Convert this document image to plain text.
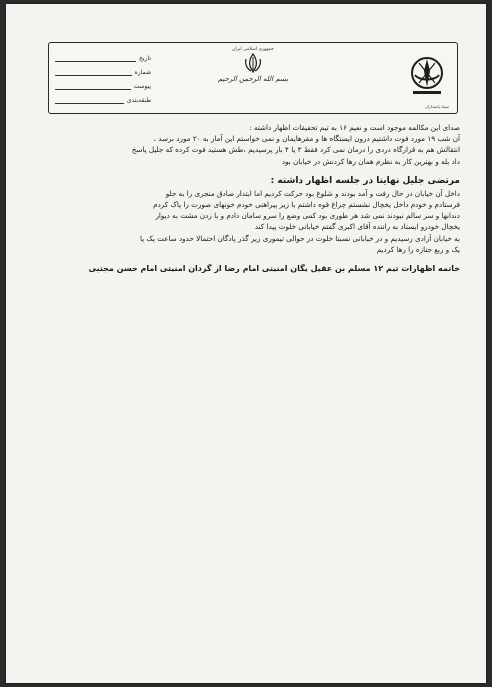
تاریخ
شماره
پیوست
طبقه‌بندی
جمهوری اسلامی ایران
بسم الله الرحمن الرحیم
سپاه پاسداران

صدای این مکالمه موجود است و نعیم ۱۶ به تیم تحقیقات اظهار داشته :

آن شب ۱۹ مورد فوت داشتیم درون ایستگاه ها و مقرهایمان و نمی خواستم این آمار به ۲۰ مورد برسد ،

انتقالش هم به قرارگاه دردی را درمان نمی کرد فقط ۳ یا ۴ بار پرسیدیم ،طش هستید فوت کرده که جلیل پاسخ

داد بله و بهترین کار به نظرم همان رها کردنش در خیابان بود

مرتضی جلیل نهایتا در جلسه اظهار داشته :

داخل آن خیابان در حال رفت و آمد بودند و شلوغ بود حرکت کردیم اما ابتدار صادق منجری را به جلو

فرستادم و خودم داخل یخچال نشستم چراغ قوه داشتم با زیر پیراهنی خودم خونهای صورت را پاک کردم

دندانها و سر سالم نبودند نمی شد هر طوری بود کمی وضع را سرو سامان دادم و با زدن مشت به دیوار

یخچال خودرو ایستاد به راننده آقای اکبری گفتم خیابانی خلوت پیدا کند

به خیابان آزادی رسیدیم و در خیابانی نسبتا خلوت در حوالی تیموری زیر گذر پادگان احتمالا حدود ساعت یک یا

یک و ربع جنازه را رها کردیم

خاتمه اظهارات تیم ۱۲ مسلم بن عقیل یگان امنیتی امام رضا از گردان امنیتی امام حسن مجتبی
